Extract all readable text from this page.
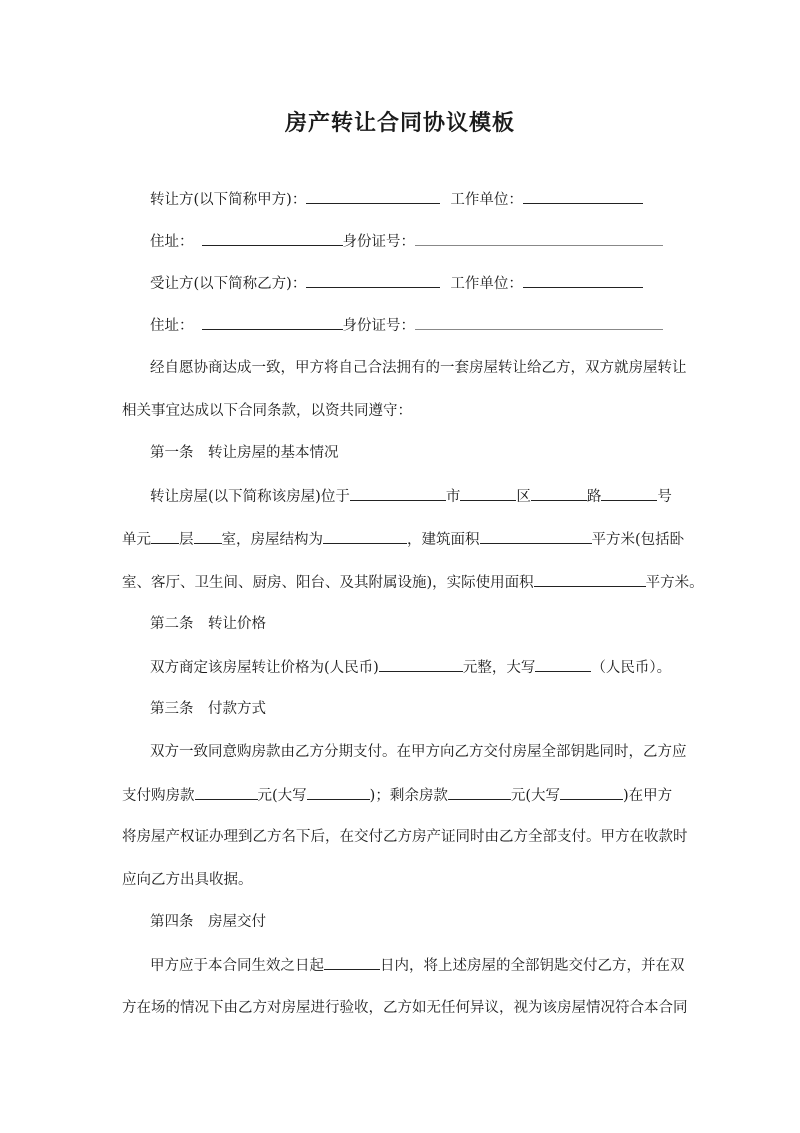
房产转让合同协议模板
转让方(以下简称甲方)：	工作单位：
住址：	身份证号：
受让方(以下简称乙方)：	工作单位：
住址：	身份证号：
经自愿协商达成一致，甲方将自己合法拥有的一套房屋转让给乙方，双方就房屋转让
相关事宜达成以下合同条款，以资共同遵守：
第一条　转让房屋的基本情况
转让房屋(以下简称该房屋)位于	市	区	路	号
单元 层 室，房屋结构为	，建筑面积	平方米(包括卧
室、客厅、卫生间、厨房、阳台、及其附属设施)，实际使用面积	平方米。
第二条　转让价格
双方商定该房屋转让价格为(人民币)	元整，大写	（人民币）。
第三条　付款方式
双方一致同意购房款由乙方分期支付。在甲方向乙方交付房屋全部钥匙同时，乙方应
支付购房款	元(大写	)；剩余房款	元(大写	)在甲方
将房屋产权证办理到乙方名下后，在交付乙方房产证同时由乙方全部支付。甲方在收款时
应向乙方出具收据。
第四条　房屋交付
甲方应于本合同生效之日起	日内，将上述房屋的全部钥匙交付乙方，并在双
方在场的情况下由乙方对房屋进行验收，乙方如无任何异议，视为该房屋情况符合本合同
